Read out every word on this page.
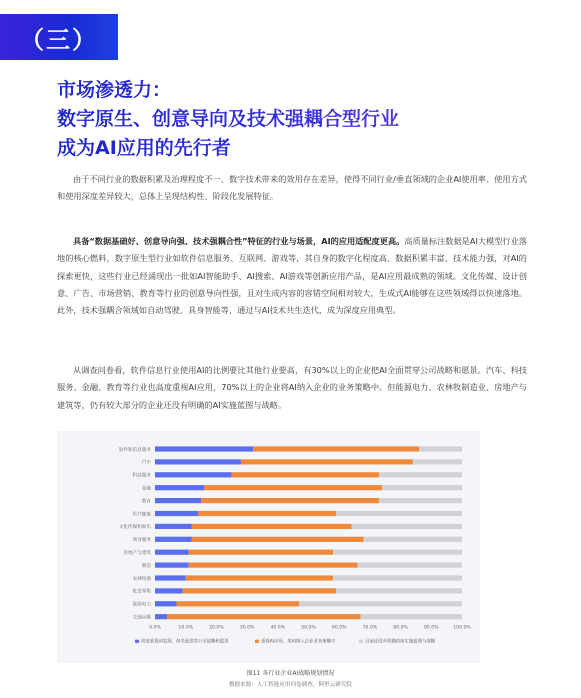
（三）
市场渗透力：
数字原生、创意导向及技术强耦合型行业
成为AI应用的先行者

由于不同行业的数据积累及治理程度不一、数字技术带来的效用存在差异，使得不同行业/垂直领域的企业AI使用率、使用方式和使用深度差异较大，总体上呈现结构性、阶段化发展特征。

具备“数据基础好、创意导向强、技术强耦合性”特征的行业与场景，AI的应用适配度更高。高质量标注数据是AI大模型行业落地的核心燃料，数字原生型行业如软件信息服务、互联网、游戏等，其自身的数字化程度高、数据积累丰富、技术能力强，对AI的探索更快，这些行业已经涌现出一批如AI智能助手、AI搜索、AI游戏等创新应用产品，是AI应用最成熟的领域。文化传媒、设计创意、广告、市场营销、教育等行业的创意导向性强，且对生成内容的容错空间相对较大，生成式AI能够在这些领域得以快速落地。此外，技术强耦合领域如自动驾驶、具身智能等，通过与AI技术共生迭代，成为深度应用典型。

从调查问卷看，软件信息行业使用AI的比例要比其他行业要高，有30%以上的企业把AI全面贯穿公司战略和愿景。汽车、科技服务、金融、教育等行业也高度重视AI应用，70%以上的企业将AI纳入企业的业务策略中。但能源电力、农林牧制造业、房地产与建筑等，仍有较大部分的企业还没有明确的AI实施蓝图与战略。

软件和信息服务
汽车
科技服务
金融
教育
医疗健康
文化传媒和娱乐
商业服务
房地产与建筑
制造
农林牧渔
批发零售
能源电力
交通运输
0.0%	10.0%	20.0%	30.0%	40.0%	50.0%	60.0%	70.0%	80.0%	90.0%	100.0%
高度重视AI发展，AI全面贯穿公司战略和愿景	重视AI应用，将AI纳入企业业务策略中	目前还没有明确的AI实施蓝图与战略
图11 各行业企业AI战略规划情况
数据来源：人工智能应用问卷调查，阿里云研究院
